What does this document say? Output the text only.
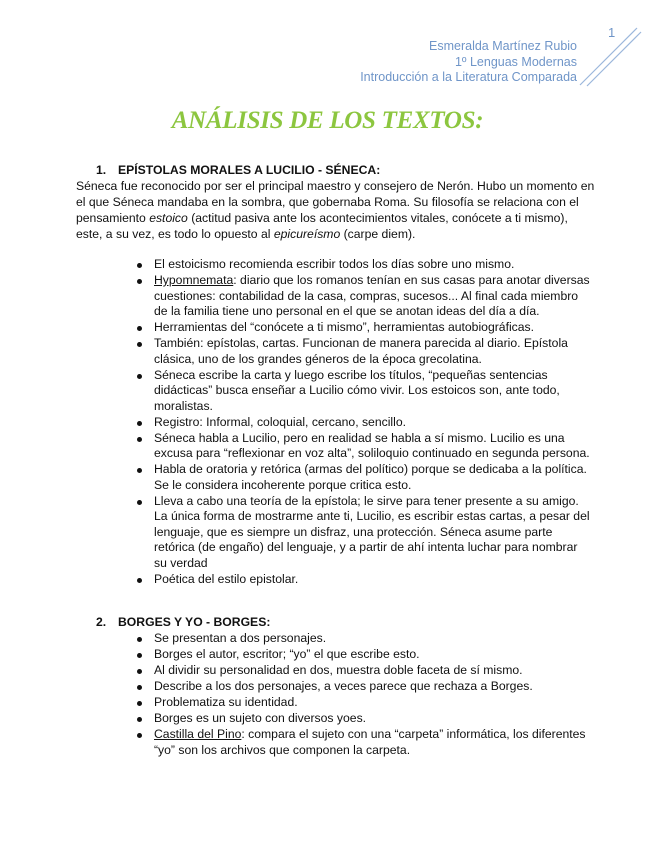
1
Esmeralda Martínez Rubio
1º Lenguas Modernas
Introducción a la Literatura Comparada
ANÁLISIS DE LOS TEXTOS:
1. EPÍSTOLAS MORALES A LUCILIO - SÉNECA:
Séneca fue reconocido por ser el principal maestro y consejero de Nerón. Hubo un momento en
el que Séneca mandaba en la sombra, que gobernaba Roma. Su filosofía se relaciona con el
pensamiento estoico (actitud pasiva ante los acontecimientos vitales, conócete a ti mismo),
este, a su vez, es todo lo opuesto al epicureísmo (carpe diem).
El estoicismo recomienda escribir todos los días sobre uno mismo.
Hypomnemata: diario que los romanos tenían en sus casas para anotar diversas
cuestiones: contabilidad de la casa, compras, sucesos... Al final cada miembro
de la familia tiene uno personal en el que se anotan ideas del día a día.
Herramientas del “conócete a ti mismo”, herramientas autobiográficas.
También: epístolas, cartas. Funcionan de manera parecida al diario. Epístola
clásica, uno de los grandes géneros de la época grecolatina.
Séneca escribe la carta y luego escribe los títulos, “pequeñas sentencias
didácticas” busca enseñar a Lucilio cómo vivir. Los estoicos son, ante todo,
moralistas.
Registro: Informal, coloquial, cercano, sencillo.
Séneca habla a Lucilio, pero en realidad se habla a sí mismo. Lucilio es una
excusa para “reflexionar en voz alta”, soliloquio continuado en segunda persona.
Habla de oratoria y retórica (armas del político) porque se dedicaba a la política.
Se le considera incoherente porque critica esto.
Lleva a cabo una teoría de la epístola; le sirve para tener presente a su amigo.
La única forma de mostrarme ante ti, Lucilio, es escribir estas cartas, a pesar del
lenguaje, que es siempre un disfraz, una protección. Séneca asume parte
retórica (de engaño) del lenguaje, y a partir de ahí intenta luchar para nombrar
su verdad
Poética del estilo epistolar.
2. BORGES Y YO - BORGES:
Se presentan a dos personajes.
Borges el autor, escritor; “yo” el que escribe esto.
Al dividir su personalidad en dos, muestra doble faceta de sí mismo.
Describe a los dos personajes, a veces parece que rechaza a Borges.
Problematiza su identidad.
Borges es un sujeto con diversos yoes.
Castilla del Pino: compara el sujeto con una “carpeta” informática, los diferentes
“yo” son los archivos que componen la carpeta.
